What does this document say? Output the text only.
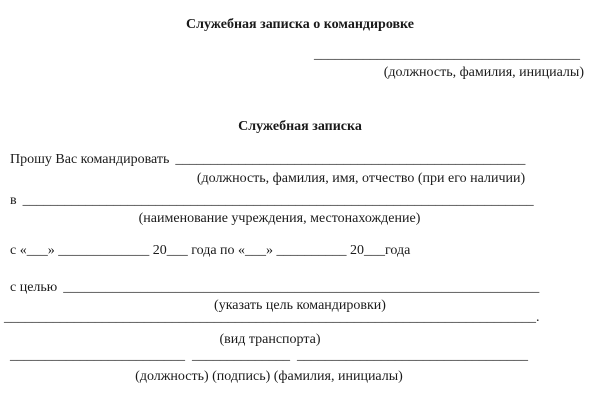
Служебная записка о командировке
______________________________________
(должность, фамилия, инициалы)
Служебная записка
Прошу Вас командировать __________________________________________________
(должность, фамилия, имя, отчество (при его наличии)
в _________________________________________________________________________
(наименование учреждения, местонахождение)
с «___» _____________ 20___ года по «___» __________ 20___года
с целью ____________________________________________________________________
(указать цель командировки)
____________________________________________________________________________.
(вид транспорта)
_________________________  ______________  _________________________________
(должность) (подпись) (фамилия, инициалы)
